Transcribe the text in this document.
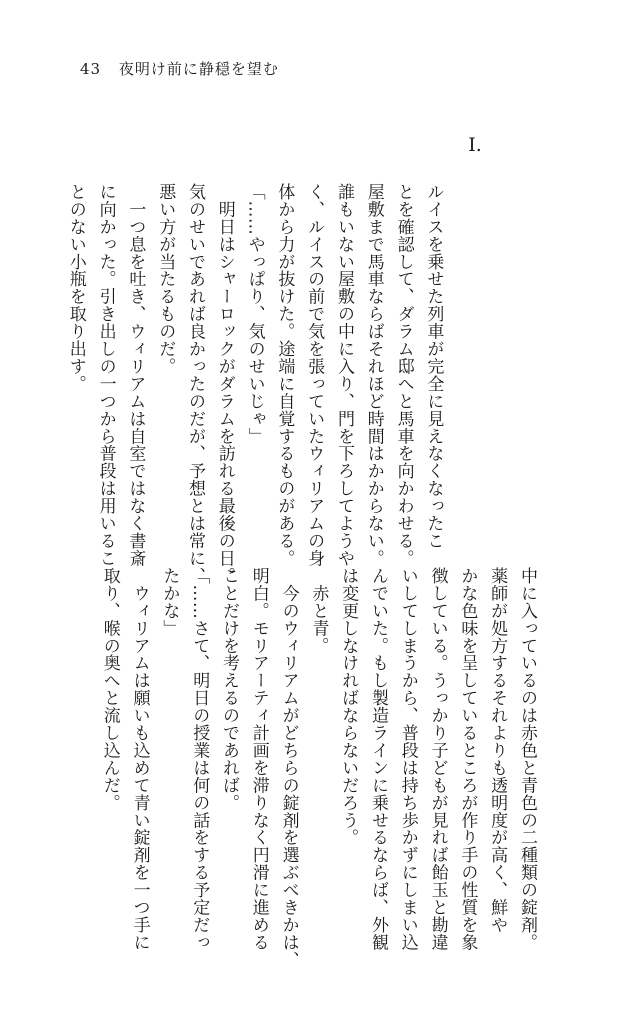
43 夜明け前に静穏を望む
I.
ルイスを乗せた列車が完全に見えなくなったこ
とを確認して、ダラム邸へと馬車を向かわせる。
屋敷まで馬車ならばそれほど時間はかからない。
誰もいない屋敷の中に入り、門を下ろしてようや
く、ルイスの前で気を張っていたウィリアムの身
体から力が抜けた。途端に自覚するものがある。
「……やっぱり、気のせいじゃ」
　明日はシャーロックがダラムを訪れる最後の日。
気のせいであれば良かったのだが、予想とは常に、
悪い方が当たるものだ。
　一つ息を吐き、ウィリアムは自室ではなく書斎
に向かった。引き出しの一つから普段は用いるこ
とのない小瓶を取り出す。
中に入っているのは赤色と青色の二種類の錠剤。
薬師が処方するそれよりも透明度が高く、鮮や
かな色味を呈しているところが作り手の性質を象
徴している。うっかり子どもが見れば飴玉と勘違
いしてしまうから、普段は持ち歩かずにしまい込
んでいた。もし製造ラインに乗せるならば、外観
は変更しなければならないだろう。
　赤と青。
　今のウィリアムがどちらの錠剤を選ぶべきかは、
明白。モリアーティ計画を滞りなく円滑に進める
ことだけを考えるのであれば。
「……さて、明日の授業は何の話をする予定だっ
たかな」
　ウィリアムは願いも込めて青い錠剤を一つ手に
取り、喉の奥へと流し込んだ。
